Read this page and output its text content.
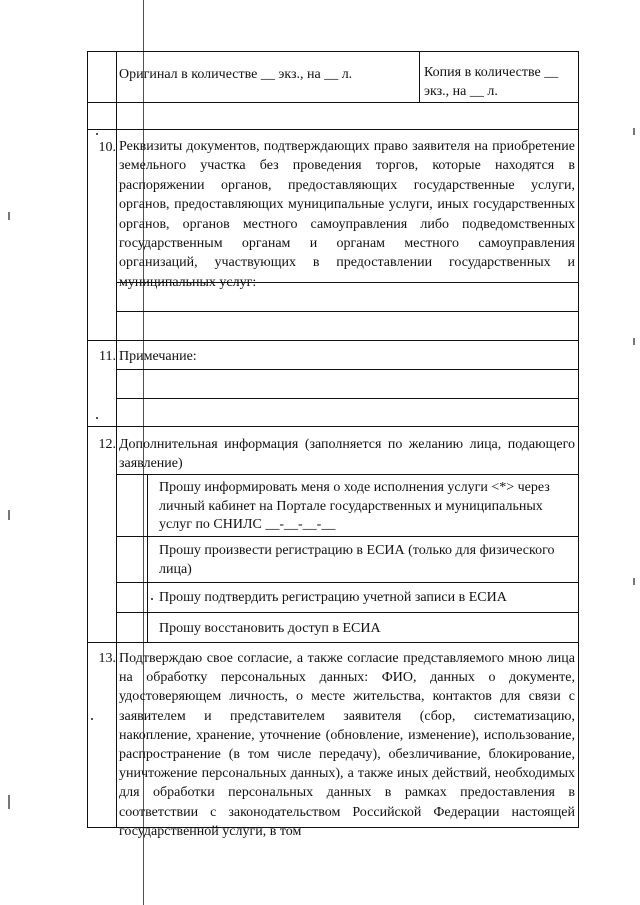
Оригинал в количестве __ экз., на __ л.	Копия в количестве __ экз., на __ л.
10. Реквизиты документов, подтверждающих право заявителя на приобретение земельного участка без проведения торгов, которые находятся в распоряжении органов, предоставляющих государственные услуги, органов, предоставляющих муниципальные услуги, иных государственных органов, органов местного самоуправления либо подведомственных государственным органам и органам местного самоуправления организаций, участвующих в предоставлении государственных и муниципальных услуг:
11. Примечание:
12. Дополнительная информация (заполняется по желанию лица, подающего заявление)
Прошу информировать меня о ходе исполнения услуги <*> через личный кабинет на Портале государственных и муниципальных услуг по СНИЛС __-__-__-__
Прошу произвести регистрацию в ЕСИА (только для физического лица)
Прошу подтвердить регистрацию учетной записи в ЕСИА
Прошу восстановить доступ в ЕСИА
13. Подтверждаю свое согласие, а также согласие представляемого мною лица на обработку персональных данных: ФИО, данных о документе, удостоверяющем личность, о месте жительства, контактов для связи с заявителем и представителем заявителя (сбор, систематизацию, накопление, хранение, уточнение (обновление, изменение), использование, распространение (в том числе передачу), обезличивание, блокирование, уничтожение персональных данных), а также иных действий, необходимых для обработки персональных данных в рамках предоставления в соответствии с законодательством Российской Федерации настоящей государственной услуги, в том
